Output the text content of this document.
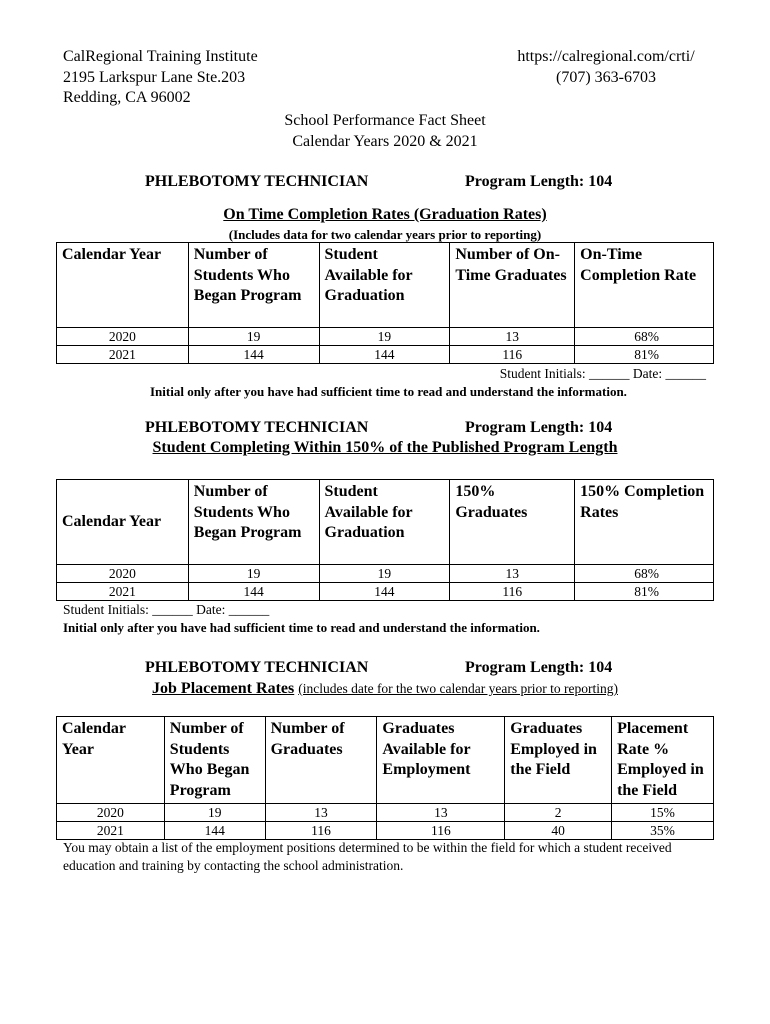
CalRegional Training Institute
2195 Larkspur Lane Ste.203
Redding, CA 96002
https://calregional.com/crti/
(707) 363-6703
School Performance Fact Sheet
Calendar Years 2020 & 2021
PHLEBOTOMY TECHNICIAN	Program Length: 104
On Time Completion Rates (Graduation Rates)
(Includes data for two calendar years prior to reporting)
Calendar Year	Number of Students Who Began Program	Student Available for Graduation	Number of On-Time Graduates	On-Time Completion Rate
2020	19	19	13	68%
2021	144	144	116	81%
Student Initials: ______ Date: ______
Initial only after you have had sufficient time to read and understand the information.
PHLEBOTOMY TECHNICIAN	Program Length: 104
Student Completing Within 150% of the Published Program Length
Calendar Year	Number of Students Who Began Program	Student Available for Graduation	150% Graduates	150% Completion Rates
2020	19	19	13	68%
2021	144	144	116	81%
Student Initials: ______ Date: ______
Initial only after you have had sufficient time to read and understand the information.
PHLEBOTOMY TECHNICIAN	Program Length: 104
Job Placement Rates (includes date for the two calendar years prior to reporting)
Calendar Year	Number of Students Who Began Program	Number of Graduates	Graduates Available for Employment	Graduates Employed in the Field	Placement Rate % Employed in the Field
2020	19	13	13	2	15%
2021	144	116	116	40	35%
You may obtain a list of the employment positions determined to be within the field for which a student received education and training by contacting the school administration.
